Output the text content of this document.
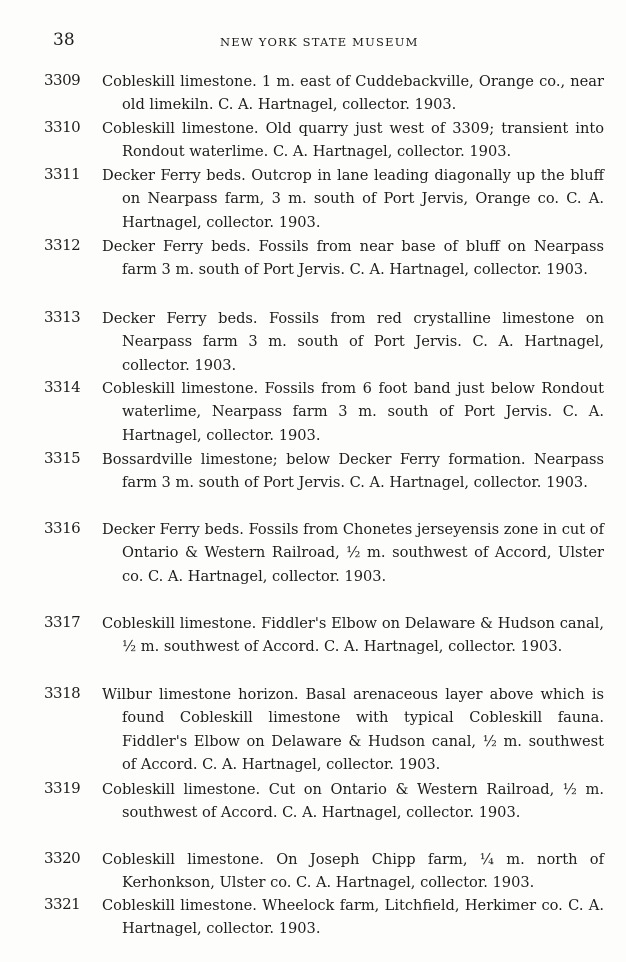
38	NEW YORK STATE MUSEUM
3309 Cobleskill limestone. 1 m. east of Cuddebackville, Orange co., near old limekiln. C. A. Hartnagel, collector. 1903.

3310 Cobleskill limestone. Old quarry just west of 3309; transient into Rondout waterlime. C. A. Hartnagel, collector. 1903.

3311 Decker Ferry beds. Outcrop in lane leading diagonally up the bluff on Nearpass farm, 3 m. south of Port Jervis, Orange co. C. A. Hartnagel, collector. 1903.

3312 Decker Ferry beds. Fossils from near base of bluff on Nearpass farm 3 m. south of Port Jervis. C. A. Hartnagel, collector. 1903.

3313 Decker Ferry beds. Fossils from red crystalline limestone on Nearpass farm 3 m. south of Port Jervis. C. A. Hartnagel, collector. 1903.

3314 Cobleskill limestone. Fossils from 6 foot band just below Rondout waterlime, Nearpass farm 3 m. south of Port Jervis. C. A. Hartnagel, collector. 1903.

3315 Bossardville limestone; below Decker Ferry formation. Nearpass farm 3 m. south of Port Jervis. C. A. Hartnagel, collector. 1903.

3316 Decker Ferry beds. Fossils from Chonetes jerseyensis zone in cut of Ontario & Western Railroad, ½ m. southwest of Accord, Ulster co. C. A. Hartnagel, collector. 1903.

3317 Cobleskill limestone. Fiddler's Elbow on Delaware & Hudson canal, ½ m. southwest of Accord. C. A. Hartnagel, collector. 1903.

3318 Wilbur limestone horizon. Basal arenaceous layer above which is found Cobleskill limestone with typical Cobleskill fauna. Fiddler's Elbow on Delaware & Hudson canal, ½ m. southwest of Accord. C. A. Hartnagel, collector. 1903.

3319 Cobleskill limestone. Cut on Ontario & Western Railroad, ½ m. southwest of Accord. C. A. Hartnagel, collector. 1903.

3320 Cobleskill limestone. On Joseph Chipp farm, ¼ m. north of Kerhonkson, Ulster co. C. A. Hartnagel, collector. 1903.

3321 Cobleskill limestone. Wheelock farm, Litchfield, Herkimer co. C. A. Hartnagel, collector. 1903.
